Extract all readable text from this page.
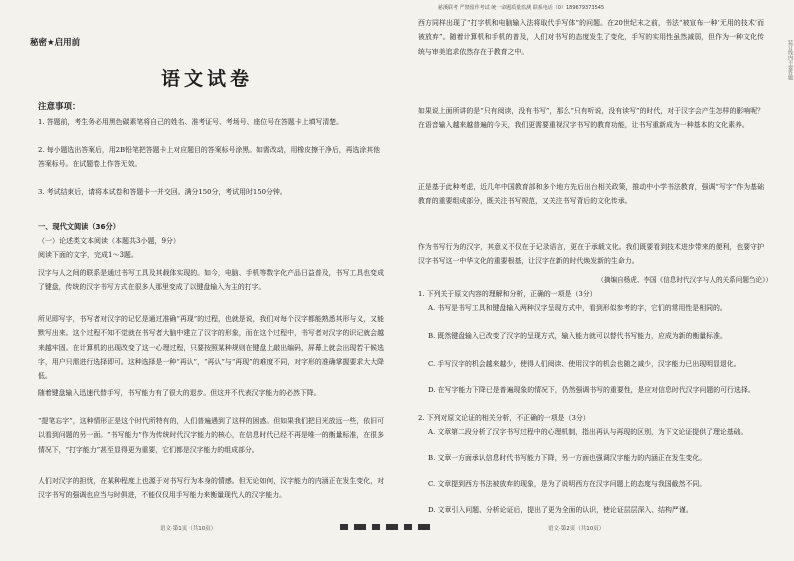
秘密★启用前
慈溪联考 严禁留作考试 统一命题质量监测 联系电话（0）189679373545
语文试卷
注意事项：
1. 答题前，考生务必用黑色碳素笔将自己的姓名、准考证号、考场号、座位号在答题卡上填写清楚。
2. 每小题选出答案后，用2B铅笔把答题卡上对应题目的答案标号涂黑。如需改动，用橡皮擦干净后，再选涂其他答案标号。在试题卷上作答无效。
3. 考试结束后，请将本试卷和答题卡一并交回。满分150分，考试用时150分钟。
一、现代文阅读（36分）
（一）论述类文本阅读（本题共3小题，9分）
阅读下面的文字，完成1～3题。
汉字与人之间的联系是通过书写工具及其载体实现的。如今，电脑、手机等数字化产品日益普及，书写工具也变成了键盘，传统的汉字书写方式在很多人那里变成了以键盘输入为主的打字。
所见即写字，书写者对汉字的记忆是通过准确“再现”的过程，也就是说，我们对每个汉字都能熟悉其形与义，又能默写出来。这个过程不知不觉就在书写者大脑中建立了汉字的形象，而在这个过程中，书写者对汉字的识记就会越来越牢固。在计算机的出现改变了这一心理过程，只要按照某种规则在键盘上敲出编码，屏幕上就会出现若干候选字，用户只需进行选择即可。这种选择是一种“再认”，“再认”与“再现”的难度不同，对字形的准确掌握要求大大降低。
随着键盘输入迅速代替手写，书写能力有了很大的退步。但这并不代表汉字能力的必然下降。
“提笔忘字”，这种情形正是这个时代所特有的，人们普遍遇到了这样的困惑。但如果我们把目光放远一些，依旧可以看到问题的另一面。“书写能力”作为传统时代汉字能力的核心，在信息时代已经不再是唯一的衡量标准，在很多情况下，“打字能力”甚至显得更为重要，它们都是汉字能力的组成部分。
人们对汉字的担忧，在某种程度上也源于对书写行为本身的情感。但无论如何，汉字能力的内涵正在发生变化，对汉字书写的强调也应当与时俱进，不能仅仅用手写能力来衡量现代人的汉字能力。
语文·第1页（共10页）
西方同样出现了“打字机和电脑输入法将取代手写体”的问题。在20世纪末之前，书法“被宣布一种‘无用的技术’而被放弃”。随着计算机和手机的普及，人们对书写的态度发生了变化，手写的实用性虽然减弱，但作为一种文化传统与审美追求依然存在于教育之中。
如果说上面所讲的是“只有阅读，没有书写”，那么“只有听说，没有读写”的时代，对于汉字会产生怎样的影响呢？在语音输入越来越普遍的今天，我们更需要重视汉字书写的教育功能，让书写重新成为一种基本的文化素养。
正是基于此种考虑，近几年中国教育部和多个地方先后出台相关政策，推动中小学书法教育，强调“写字”作为基础教育的重要组成部分，既关注书写规范，又关注书写背后的文化传承。
作为书写行为的汉字，其意义不仅在于记录语言，更在于承载文化。我们既要看到技术进步带来的便利，也要守护汉字书写这一中华文化的重要根基，让汉字在新的时代焕发新的生命力。
（摘编自杨虎、李国《信息时代汉字与人的关系问题刍论》）
1. 下列关于原文内容的理解和分析，正确的一项是（3分）
A. 书写是书写工具和键盘输入两种汉字呈现方式中，看到形似参考的字，它们的常用性是相同的。
B. 既然键盘输入已改变了汉字的呈现方式，输入能力就可以替代书写能力，应成为新的衡量标准。
C. 手写汉字的机会越来越少，使得人们阅读、使用汉字的机会也随之减少，汉字能力已出现明显退化。
D. 在写字能力下降已是普遍现象的情况下，仍然强调书写的重要性，是应对信息时代汉字问题的可行选择。
2. 下列对原文论证的相关分析，不正确的一项是（3分）
A. 文章第二段分析了汉字书写过程中的心理机制，指出再认与再现的区别，为下文论证提供了理论基础。
B. 文章一方面承认信息时代书写能力下降，另一方面也强调汉字能力的内涵正在发生变化。
C. 文章提到西方书法被放弃的现象，是为了说明西方在汉字问题上的态度与我国截然不同。
D. 文章引入问题、分析论证后，提出了更为全面的认识，使论证层层深入、结构严谨。
语文·第2页（共10页）
装订线内不要答题
